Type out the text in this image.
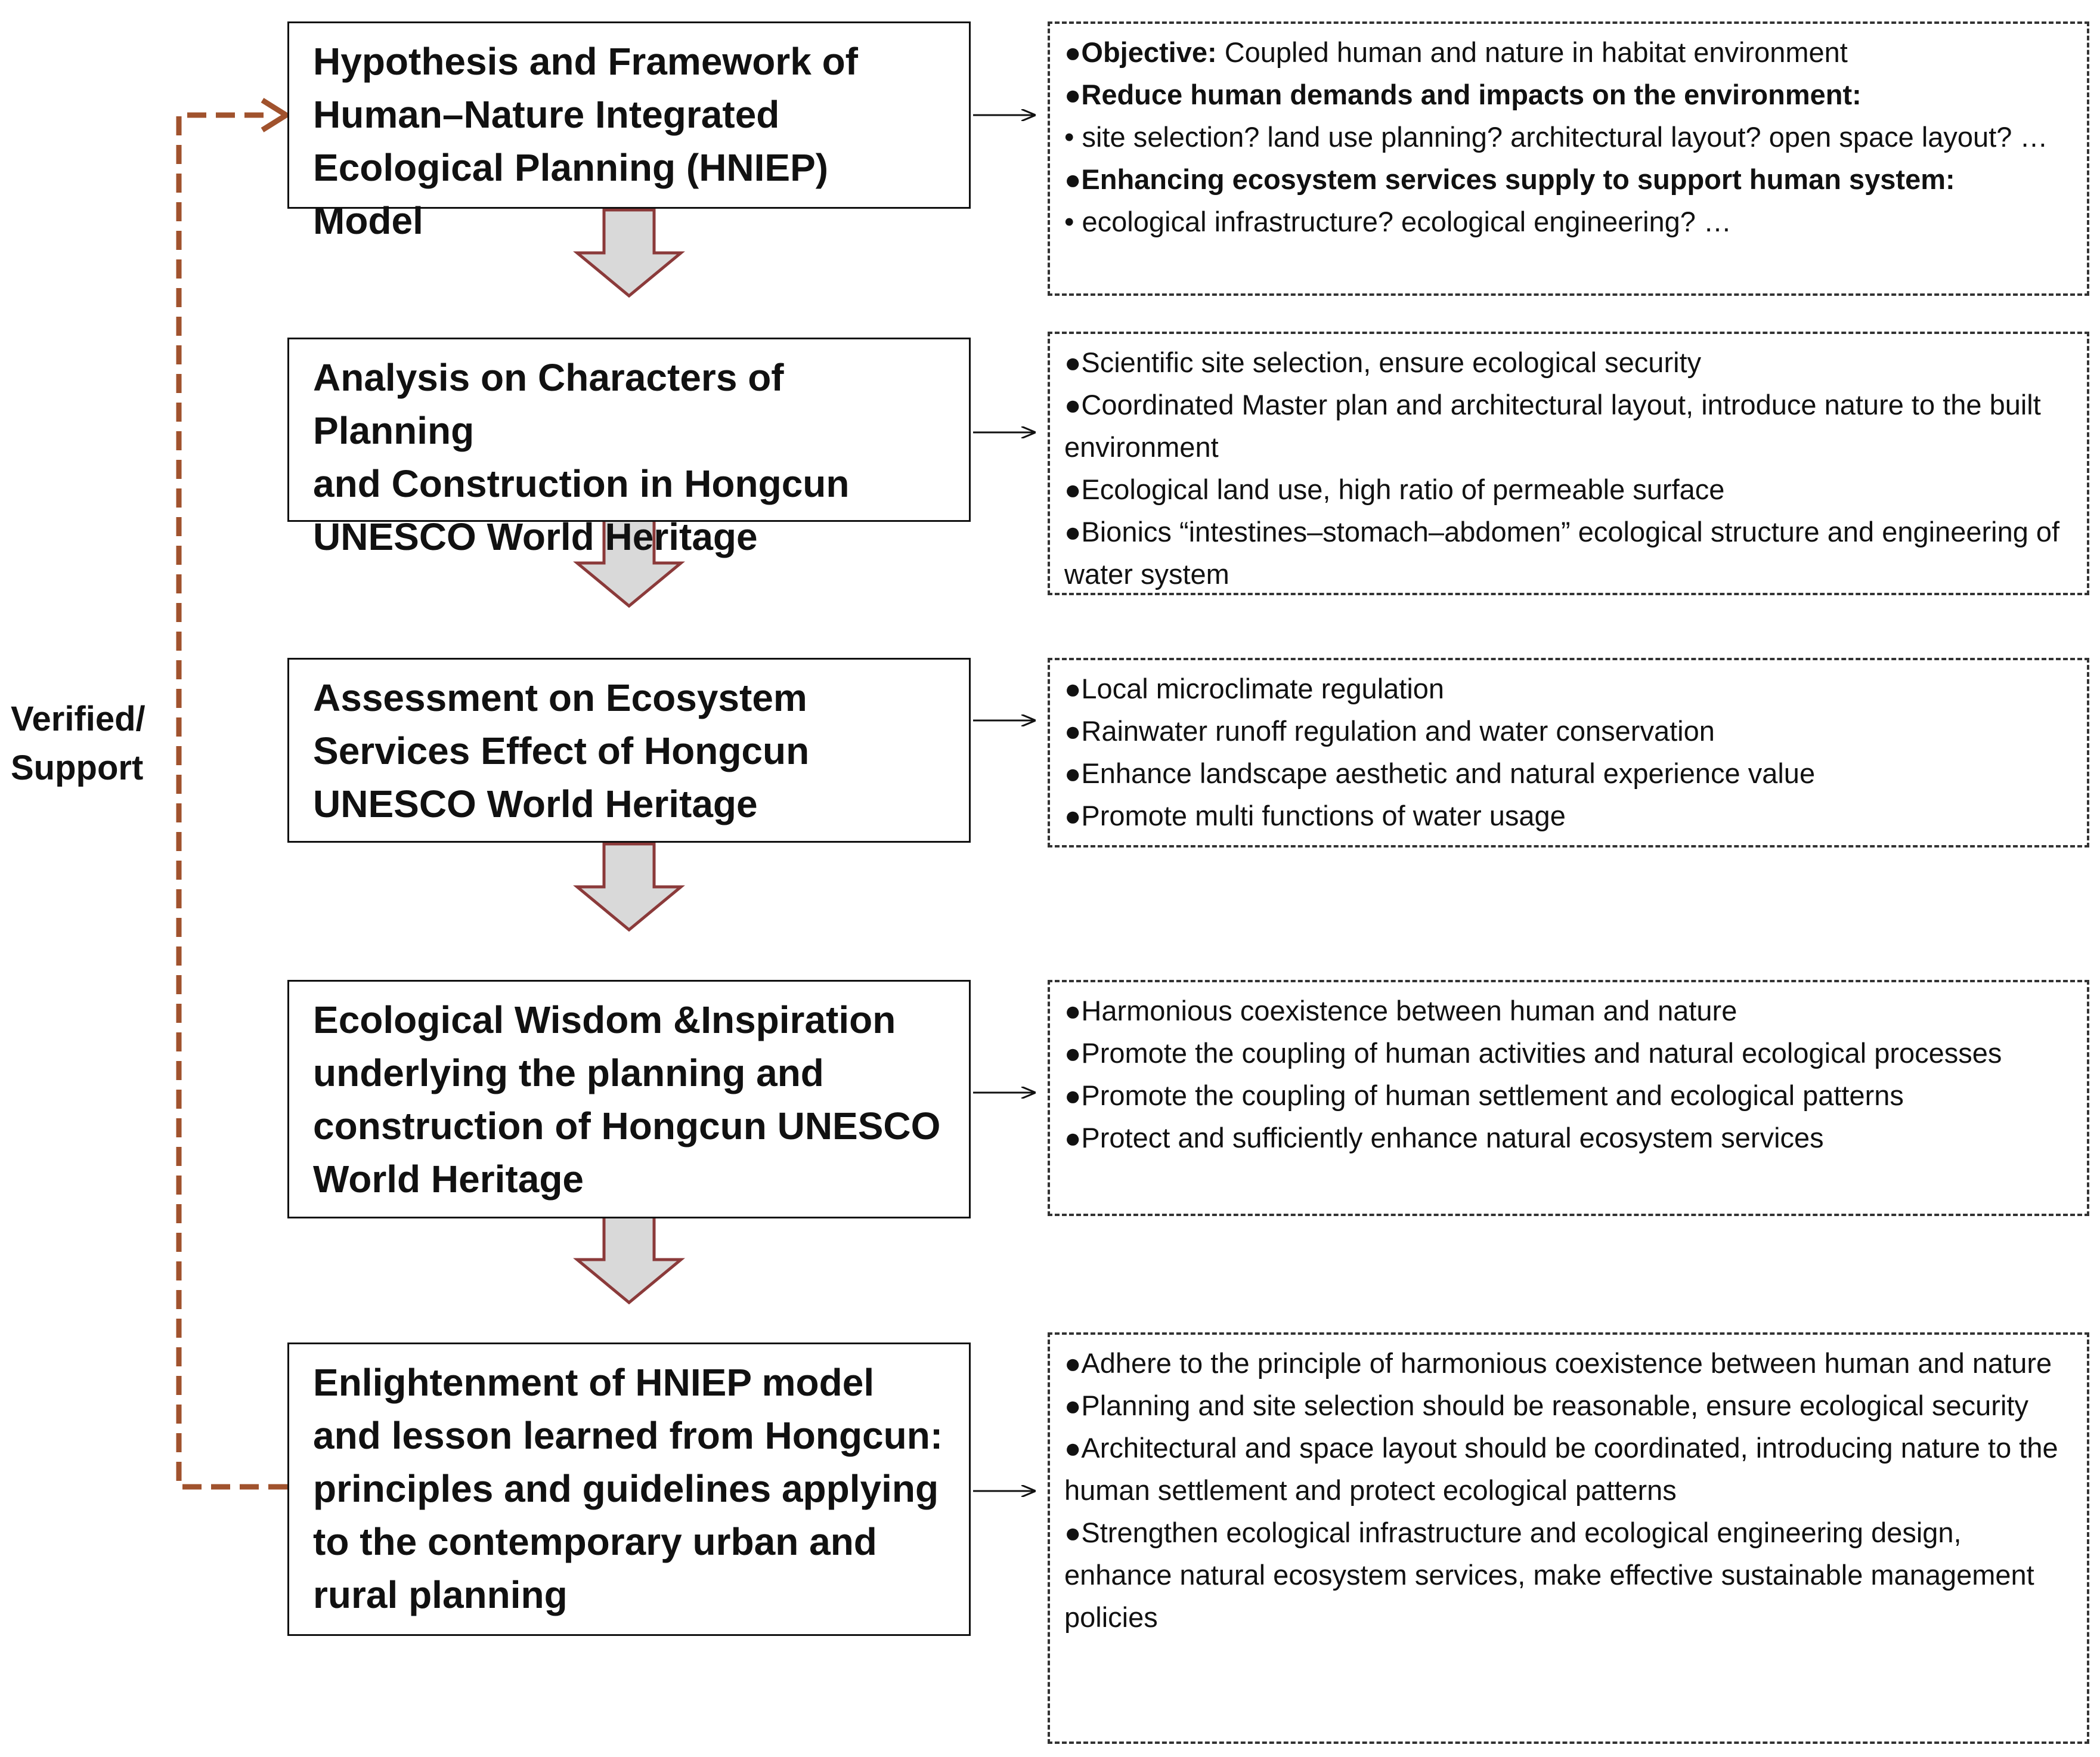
Verified/
Support
Hypothesis and Framework of
Human–Nature Integrated
Ecological Planning (HNIEP) Model
●Objective: Coupled human and nature in habitat environment
●Reduce human demands and impacts on the environment:
• site selection? land use planning? architectural layout? open space layout? …
●Enhancing ecosystem services supply to support human system:
• ecological infrastructure? ecological engineering? …
Analysis on Characters of Planning
and Construction in Hongcun
UNESCO World Heritage
●Scientific site selection, ensure ecological security
●Coordinated Master plan and architectural layout, introduce nature to the built environment
●Ecological land use, high ratio of permeable surface
●Bionics “intestines–stomach–abdomen” ecological structure and engineering of water system
Assessment on Ecosystem
Services Effect of Hongcun
UNESCO World Heritage
●Local microclimate regulation
●Rainwater runoff regulation and water conservation
●Enhance landscape aesthetic and natural experience value
●Promote multi functions of water usage
Ecological Wisdom &Inspiration
underlying the planning and
construction of Hongcun UNESCO
World Heritage
●Harmonious coexistence between human and nature
●Promote the coupling of human activities and natural ecological processes
●Promote the coupling of human settlement and ecological patterns
●Protect and sufficiently enhance natural ecosystem services
Enlightenment of HNIEP model
and lesson learned from Hongcun:
principles and guidelines applying
to the contemporary urban and
rural planning
●Adhere to the principle of harmonious coexistence between human and nature
●Planning and site selection should be reasonable, ensure ecological security
●Architectural and space layout should be coordinated, introducing nature to the human settlement and protect ecological patterns
●Strengthen ecological infrastructure and ecological engineering design, enhance natural ecosystem services, make effective sustainable management policies
